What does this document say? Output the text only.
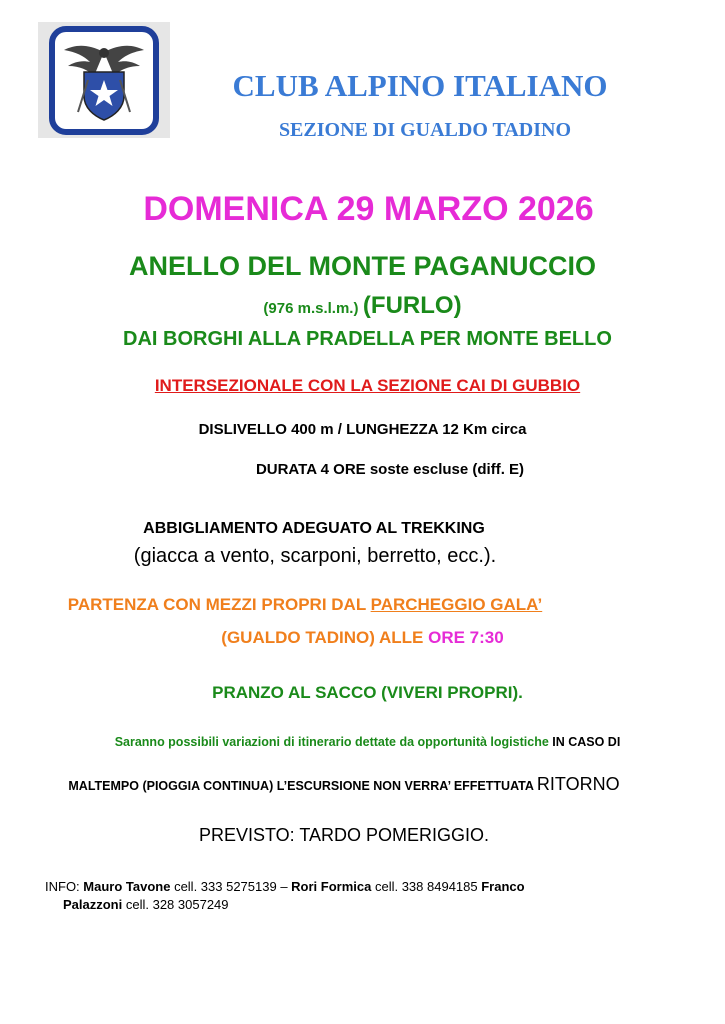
CLUB ALPINO ITALIANO
SEZIONE DI GUALDO TADINO
DOMENICA 29 MARZO 2026
ANELLO DEL MONTE PAGANUCCIO
(976 m.s.l.m.) (FURLO)
DAI BORGHI ALLA PRADELLA PER MONTE BELLO
INTERSEZIONALE CON LA SEZIONE CAI DI GUBBIO
DISLIVELLO 400 m / LUNGHEZZA 12 Km circa
DURATA 4 ORE soste escluse (diff. E)
ABBIGLIAMENTO ADEGUATO AL TREKKING
(giacca a vento, scarponi, berretto, ecc.).
PARTENZA CON MEZZI PROPRI DAL PARCHEGGIO GALA’
(GUALDO TADINO) ALLE ORE 7:30
PRANZO AL SACCO (VIVERI PROPRI).
Saranno possibili variazioni di itinerario dettate da opportunità logistiche IN CASO DI
MALTEMPO (PIOGGIA CONTINUA) L’ESCURSIONE NON VERRA’ EFFETTUATA RITORNO
PREVISTO: TARDO POMERIGGIO.
INFO: Mauro Tavone cell. 333 5275139 – Rori Formica cell. 338 8494185 Franco
Palazzoni cell. 328 3057249
